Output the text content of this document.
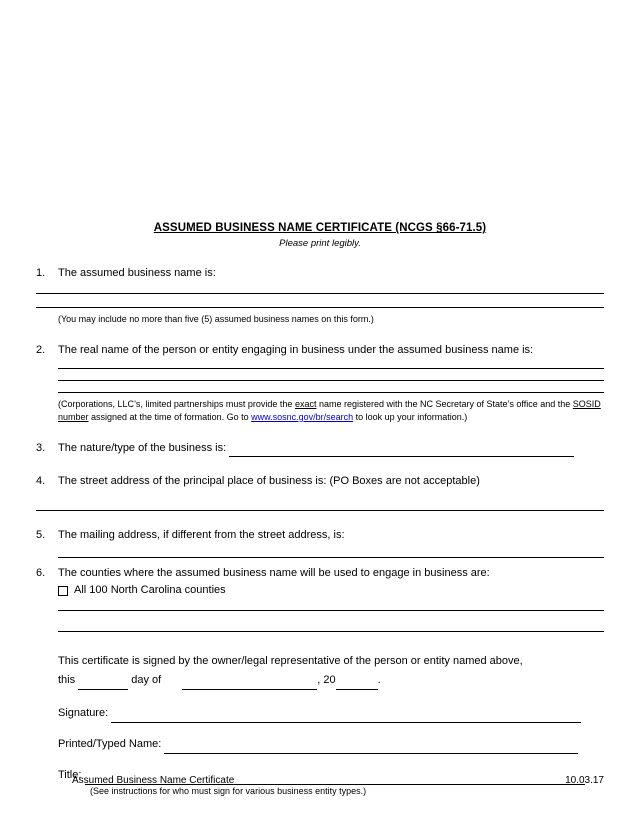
ASSUMED BUSINESS NAME CERTIFICATE (NCGS §66-71.5)
Please print legibly.
1.	The assumed business name is:
(You may include no more than five (5) assumed business names on this form.)
2.	The real name of the person or entity engaging in business under the assumed business name is:
(Corporations, LLC’s, limited partnerships must provide the exact name registered with the NC Secretary of State’s office and the SOSID number assigned at the time of formation. Go to www.sosnc.gov/br/search to look up your information.)
3.	The nature/type of the business is:
4.	The street address of the principal place of business is: (PO Boxes are not acceptable)
5.	The mailing address, if different from the street address, is:
6.	The counties where the assumed business name will be used to engage in business are:
All 100 North Carolina counties
This certificate is signed by the owner/legal representative of the person or entity named above,
this	day of	, 20	.
Signature:
Printed/Typed Name:
Title:
(See instructions for who must sign for various business entity types.)
Assumed Business Name Certificate	10.03.17
